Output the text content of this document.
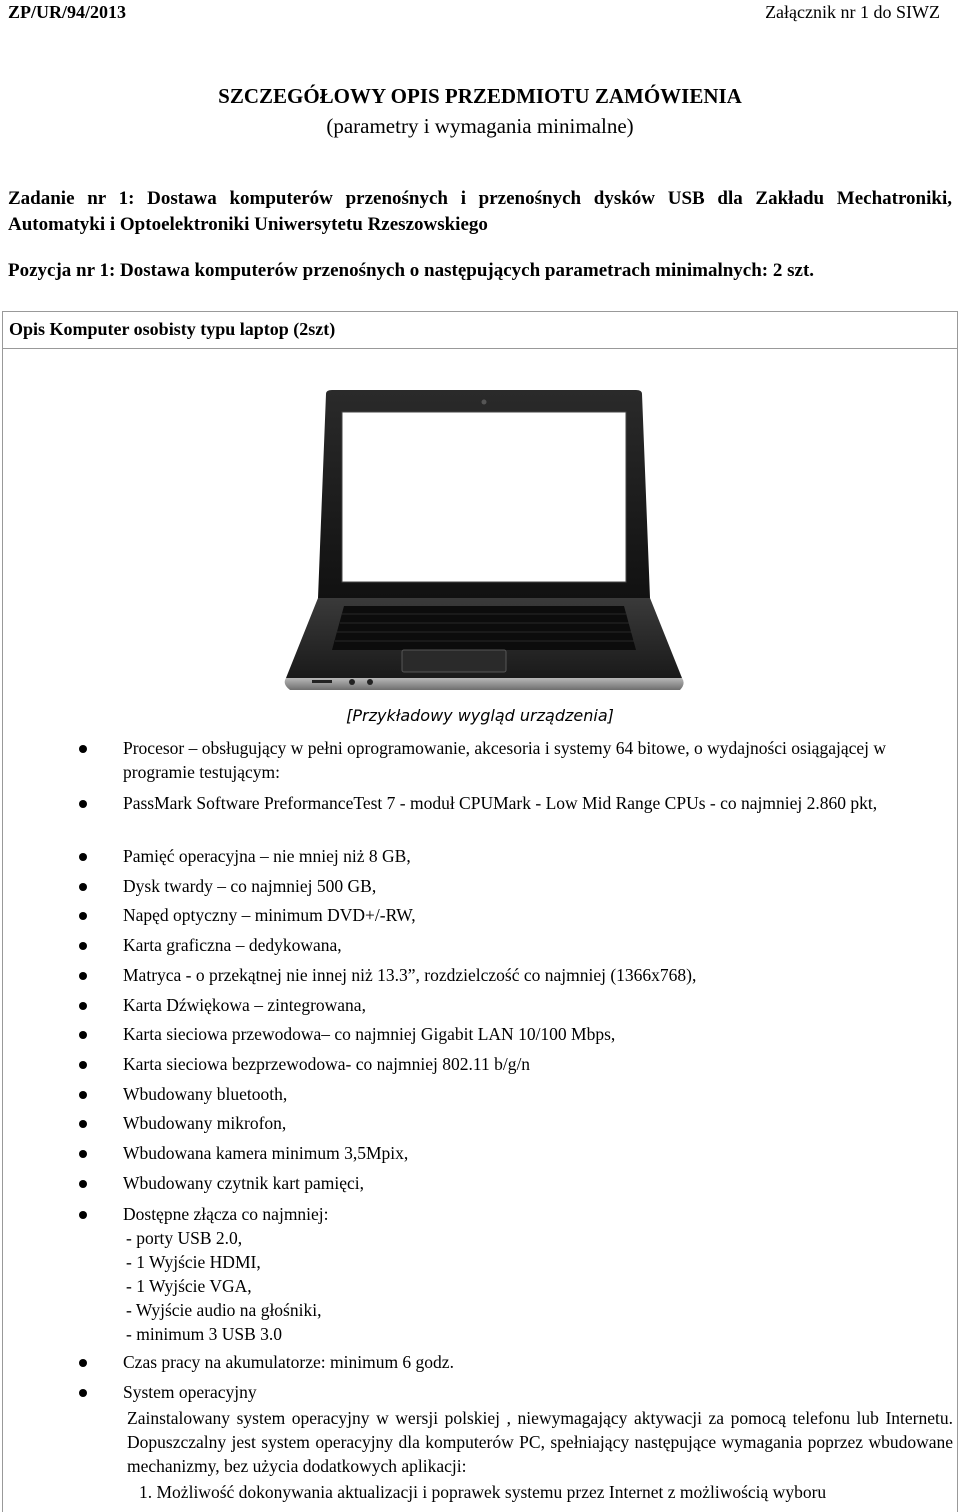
ZP/UR/94/2013	Załącznik nr 1 do SIWZ
SZCZEGÓŁOWY OPIS PRZEDMIOTU ZAMÓWIENIA
(parametry i wymagania minimalne)
Zadanie nr 1: Dostawa komputerów przenośnych i przenośnych dysków USB dla Zakładu Mechatroniki, Automatyki i Optoelektroniki Uniwersytetu Rzeszowskiego
Pozycja nr 1: Dostawa komputerów przenośnych o następujących parametrach minimalnych: 2 szt.
Opis Komputer osobisty typu laptop (2szt)
[Przykładowy wygląd urządzenia]
Procesor – obsługujący w pełni oprogramowanie, akcesoria i systemy 64 bitowe, o wydajności osiągającej w programie testującym:
PassMark Software PreformanceTest 7 - moduł CPUMark - Low Mid Range CPUs - co najmniej 2.860 pkt,
Pamięć operacyjna – nie mniej niż 8 GB,
Dysk twardy – co najmniej 500 GB,
Napęd optyczny – minimum DVD+/-RW,
Karta graficzna – dedykowana,
Matryca - o przekątnej nie innej niż 13.3”, rozdzielczość co najmniej (1366x768),
Karta Dźwiękowa – zintegrowana,
Karta sieciowa przewodowa– co najmniej Gigabit LAN 10/100 Mbps,
Karta sieciowa bezprzewodowa- co najmniej 802.11 b/g/n
Wbudowany bluetooth,
Wbudowany mikrofon,
Wbudowana kamera minimum 3,5Mpix,
Wbudowany czytnik kart pamięci,
Dostępne złącza co najmniej:
- porty USB 2.0,
- 1 Wyjście HDMI,
- 1 Wyjście VGA,
- Wyjście audio na głośniki,
- minimum 3 USB 3.0
Czas pracy na akumulatorze: minimum 6 godz.
System operacyjny
Zainstalowany system operacyjny w wersji polskiej , niewymagający aktywacji za pomocą telefonu lub Internetu. Dopuszczalny jest system operacyjny dla komputerów PC, spełniający następujące wymagania poprzez wbudowane mechanizmy, bez użycia dodatkowych aplikacji:
1. Możliwość dokonywania aktualizacji i poprawek systemu przez Internet z możliwością wyboru
